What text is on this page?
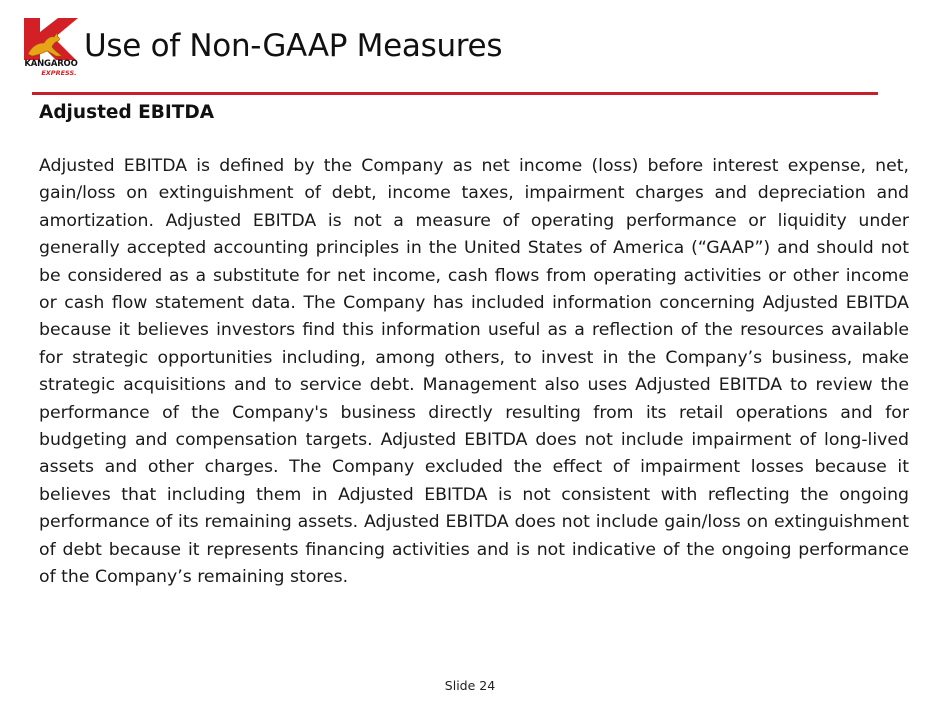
KANGAROO
EXPRESS.
Use of Non-GAAP Measures
Adjusted EBITDA

Adjusted EBITDA is defined by the Company as net income (loss) before interest expense, net, gain/loss on extinguishment of debt, income taxes, impairment charges and depreciation and amortization. Adjusted EBITDA is not a measure of operating performance or liquidity under generally accepted accounting principles in the United States of America (“GAAP”) and should not be considered as a substitute for net income, cash flows from operating activities or other income or cash flow statement data. The Company has included information concerning Adjusted EBITDA because it believes investors find this information useful as a reflection of the resources available for strategic opportunities including, among others, to invest in the Company’s business, make strategic acquisitions and to service debt. Management also uses Adjusted EBITDA to review the performance of the Company's business directly resulting from its retail operations and for budgeting and compensation targets. Adjusted EBITDA does not include impairment of long-lived assets and other charges. The Company excluded the effect of impairment losses because it believes that including them in Adjusted EBITDA is not consistent with reflecting the ongoing performance of its remaining assets. Adjusted EBITDA does not include gain/loss on extinguishment of debt because it represents financing activities and is not indicative of the ongoing performance of the Company’s remaining stores.

Slide 24
